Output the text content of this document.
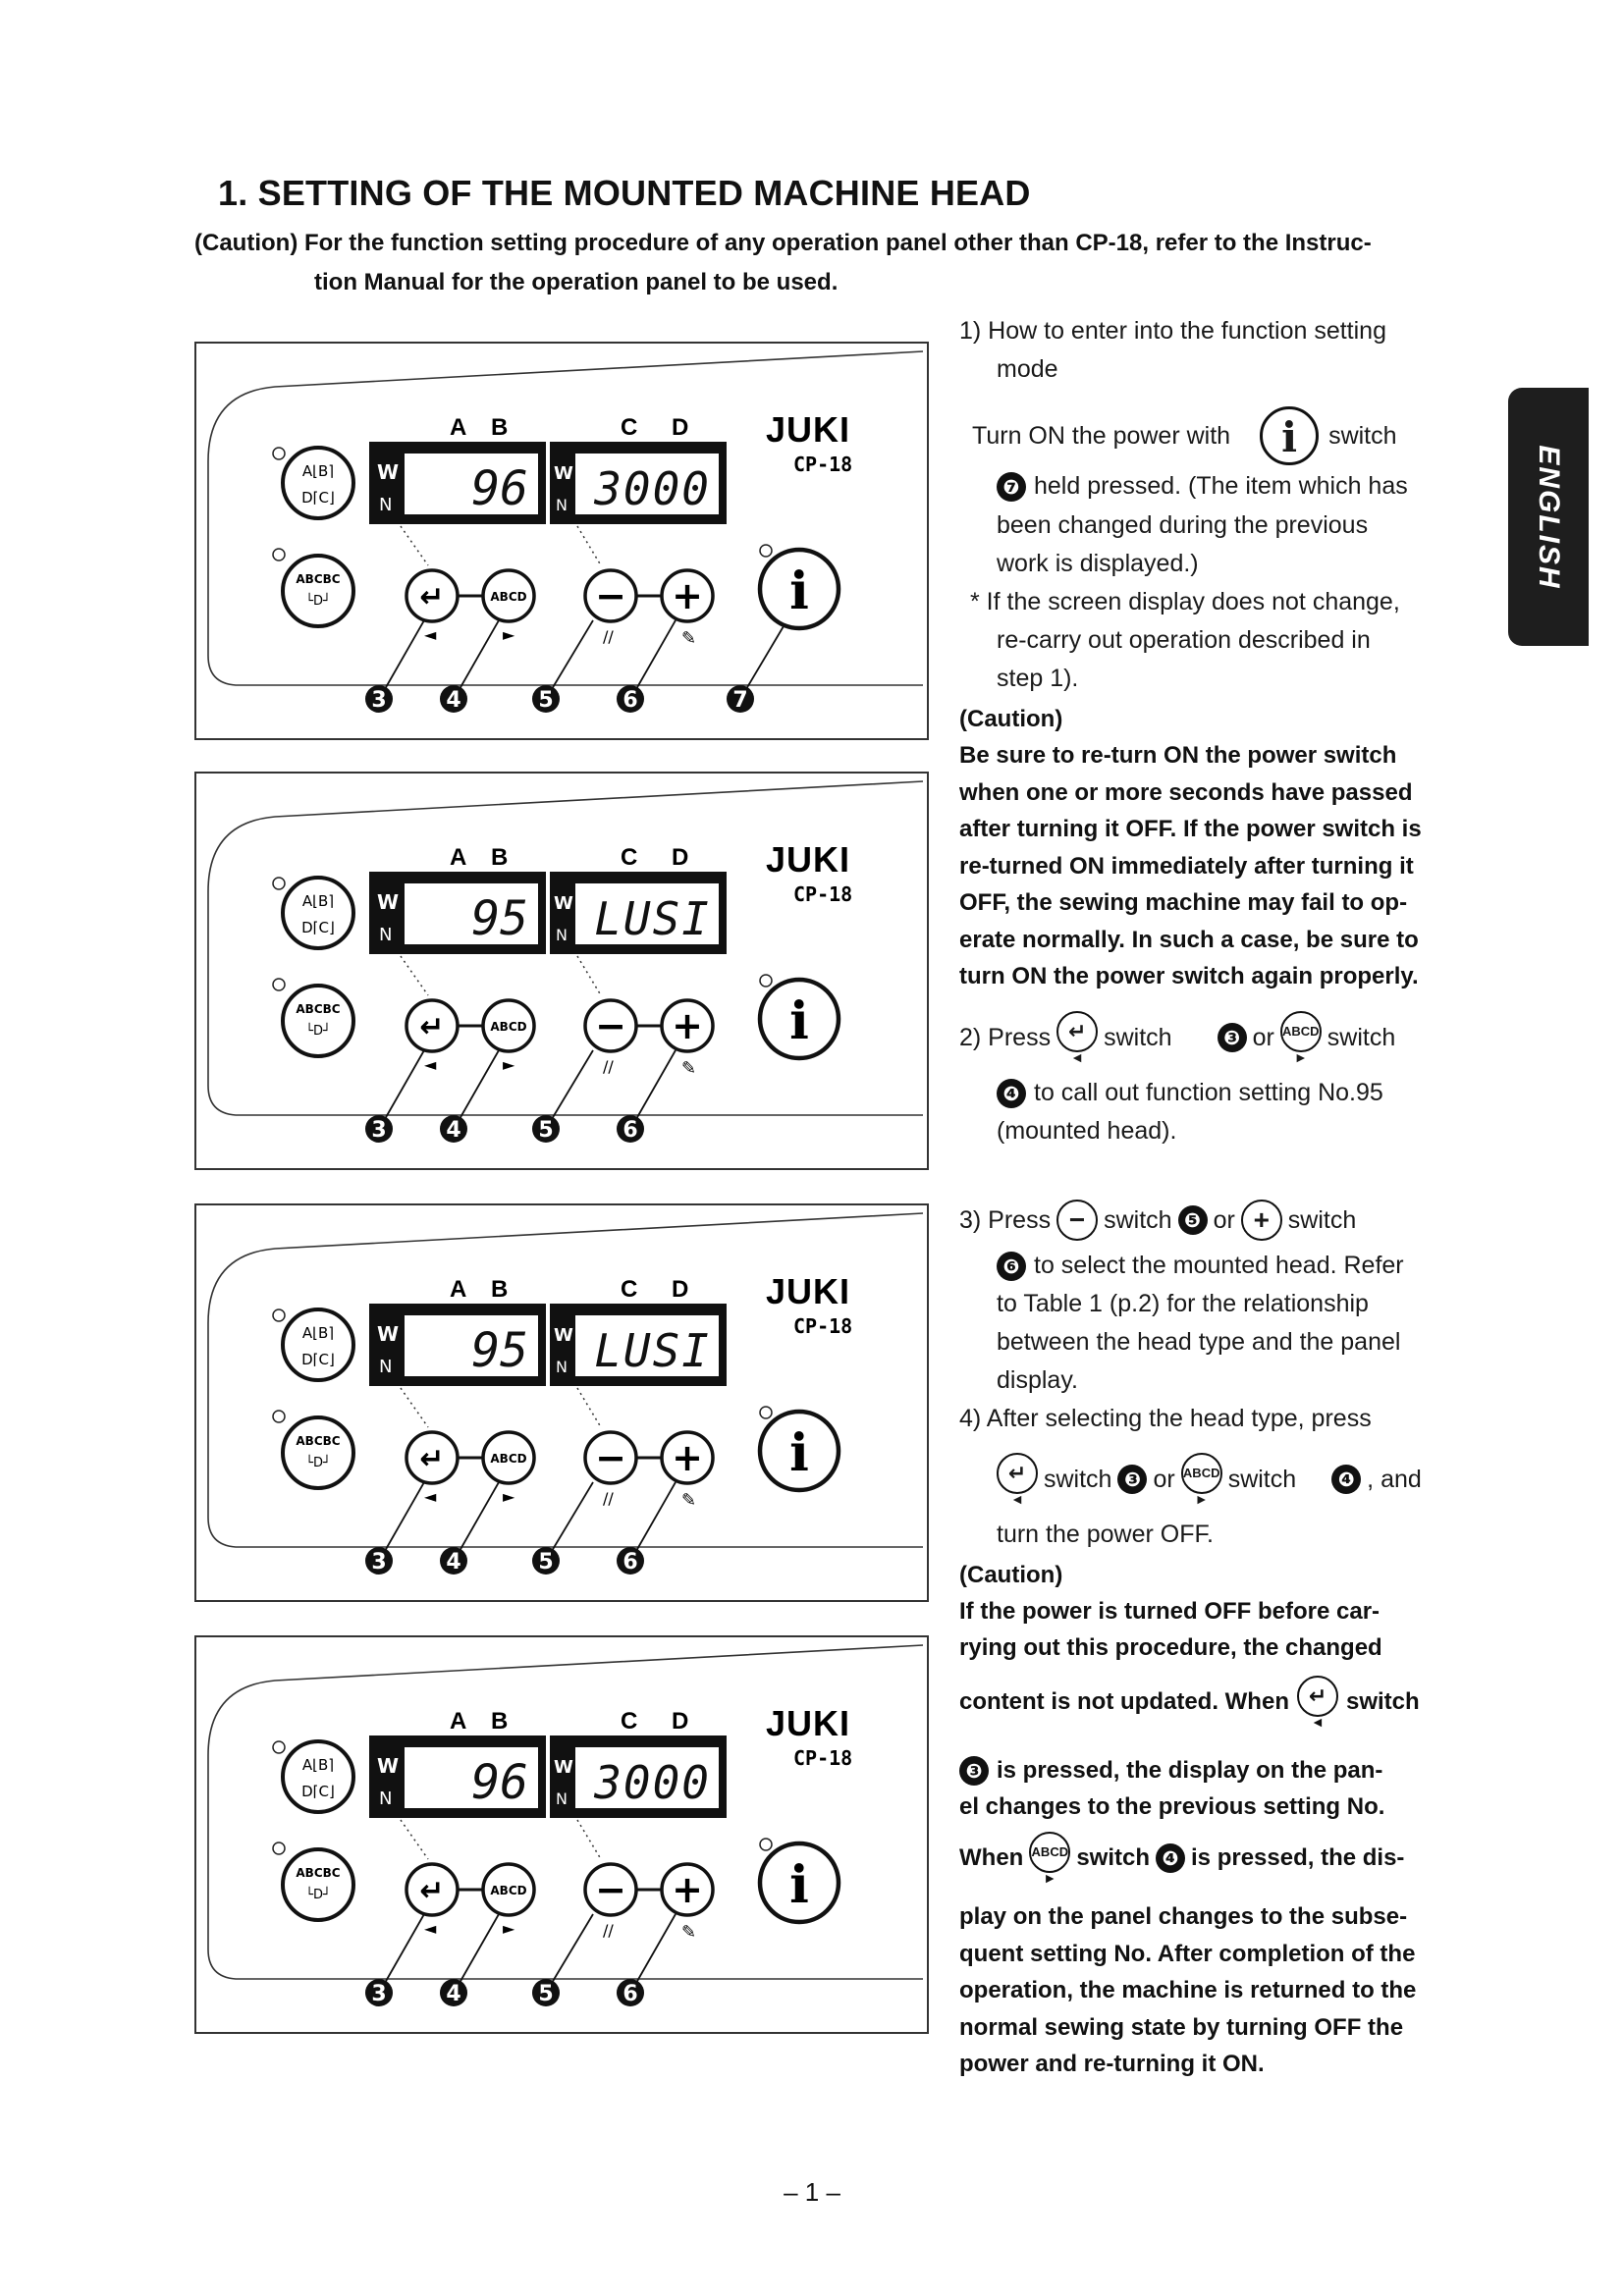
1. SETTING OF THE MOUNTED MACHINE HEAD
(Caution) For the function setting procedure of any operation panel other than CP-18, refer to the Instruc-
tion Manual for the operation panel to be used.
ENGLISH
A B	C D JUKI
CP-18
W
N 96 W
N 3000
A⌊B⌉
D⌈C⌋
ABCBC
└D┘	↵
◄
ABCD
►
−
//
+
✎
i
3	4	5	6	7
A B	C D JUKI
CP-18
W
N 95 W
N LUSI
A⌊B⌉
D⌈C⌋
ABCBC
└D┘	↵
◄
ABCD
►
−
//
+
✎
i
3	4	5	6
A B	C D JUKI
CP-18
W
N 95 W
N LUSI
A⌊B⌉
D⌈C⌋
ABCBC
└D┘	↵
◄
ABCD
►
−
//
+
✎
i
3	4	5	6
A B	C D JUKI
CP-18
W
N 96 W
N 3000
A⌊B⌉
D⌈C⌋
ABCBC
└D┘	↵
◄
ABCD
►
−
//
+
✎
i
3	4	5	6
1) How to enter into the function setting
mode
Turn ON the power with	i	switch
❼ held pressed. (The item which has
been changed during the previous
work is displayed.)
* If the screen display does not change,
re-carry out operation described in
step 1).
(Caution)
Be sure to re-turn ON the power switch
when one or more seconds have passed
after turning it OFF. If the power switch is
re-turned ON immediately after turning it
OFF, the sewing machine may fail to op-
erate normally. In such a case, be sure to
turn ON the power switch again properly.
2) Press ↵
◄
switch	❸ or ABCD
►
switch
❹ to call out function setting No.95
(mounted head).
3) Press − switch ❺ or + switch
❻ to select the mounted head. Refer
to Table 1 (p.2) for the relationship
between the head type and the panel
display.
4) After selecting the head type, press
↵
◄
switch ❸ or ABCD
►
switch	❹ , and
turn the power OFF.
(Caution)
If the power is turned OFF before car-
rying out this procedure, the changed
content is not updated. When ↵
◄
switch
❸ is pressed, the display on the pan-
el changes to the previous setting No.
When ABCD
►
switch ❹ is pressed, the dis-
play on the panel changes to the subse-
quent setting No. After completion of the
operation, the machine is returned to the
normal sewing state by turning OFF the
power and re-turning it ON.
– 1 –
